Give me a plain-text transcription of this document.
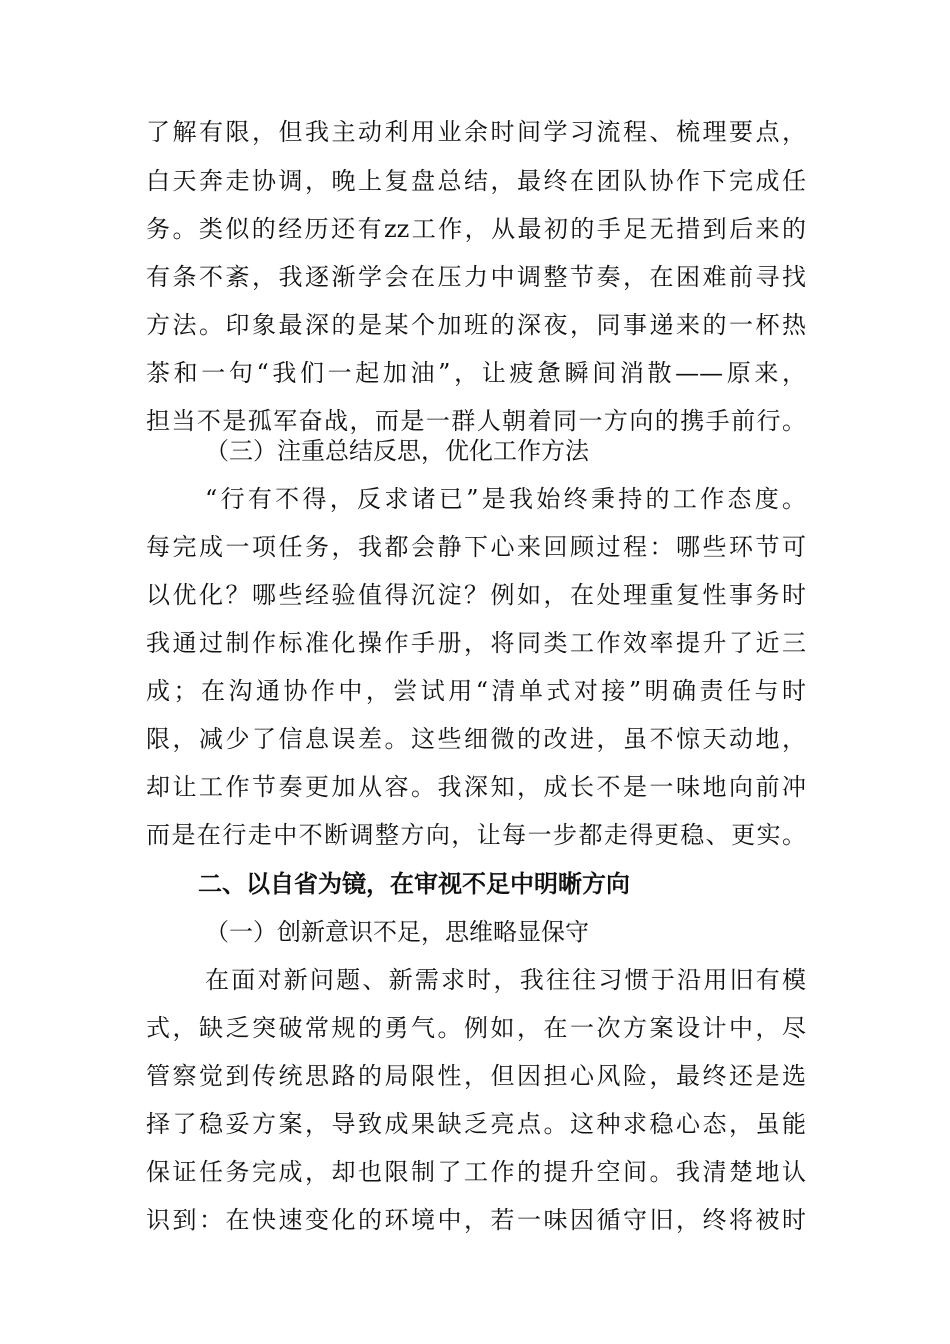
了解有限，但我主动利用业余时间学习流程、梳理要点，
白天奔走协调，晚上复盘总结，最终在团队协作下完成任
务。类似的经历还有zz工作，从最初的手足无措到后来的
有条不紊，我逐渐学会在压力中调整节奏，在困难前寻找
方法。印象最深的是某个加班的深夜，同事递来的一杯热
茶和一句“我们一起加油”，让疲惫瞬间消散——原来，
担当不是孤军奋战，而是一群人朝着同一方向的携手前行。
（三）注重总结反思，优化工作方法
“行有不得，反求诸已”是我始终秉持的工作态度。
每完成一项任务，我都会静下心来回顾过程：哪些环节可
以优化？哪些经验值得沉淀？例如，在处理重复性事务时
我通过制作标准化操作手册，将同类工作效率提升了近三
成；在沟通协作中，尝试用“清单式对接”明确责任与时
限，减少了信息误差。这些细微的改进，虽不惊天动地，
却让工作节奏更加从容。我深知，成长不是一味地向前冲
而是在行走中不断调整方向，让每一步都走得更稳、更实。
二、以自省为镜，在审视不足中明晰方向
（一）创新意识不足，思维略显保守
在面对新问题、新需求时，我往往习惯于沿用旧有模
式，缺乏突破常规的勇气。例如，在一次方案设计中，尽
管察觉到传统思路的局限性，但因担心风险，最终还是选
择了稳妥方案，导致成果缺乏亮点。这种求稳心态，虽能
保证任务完成，却也限制了工作的提升空间。我清楚地认
识到：在快速变化的环境中，若一味因循守旧，终将被时
